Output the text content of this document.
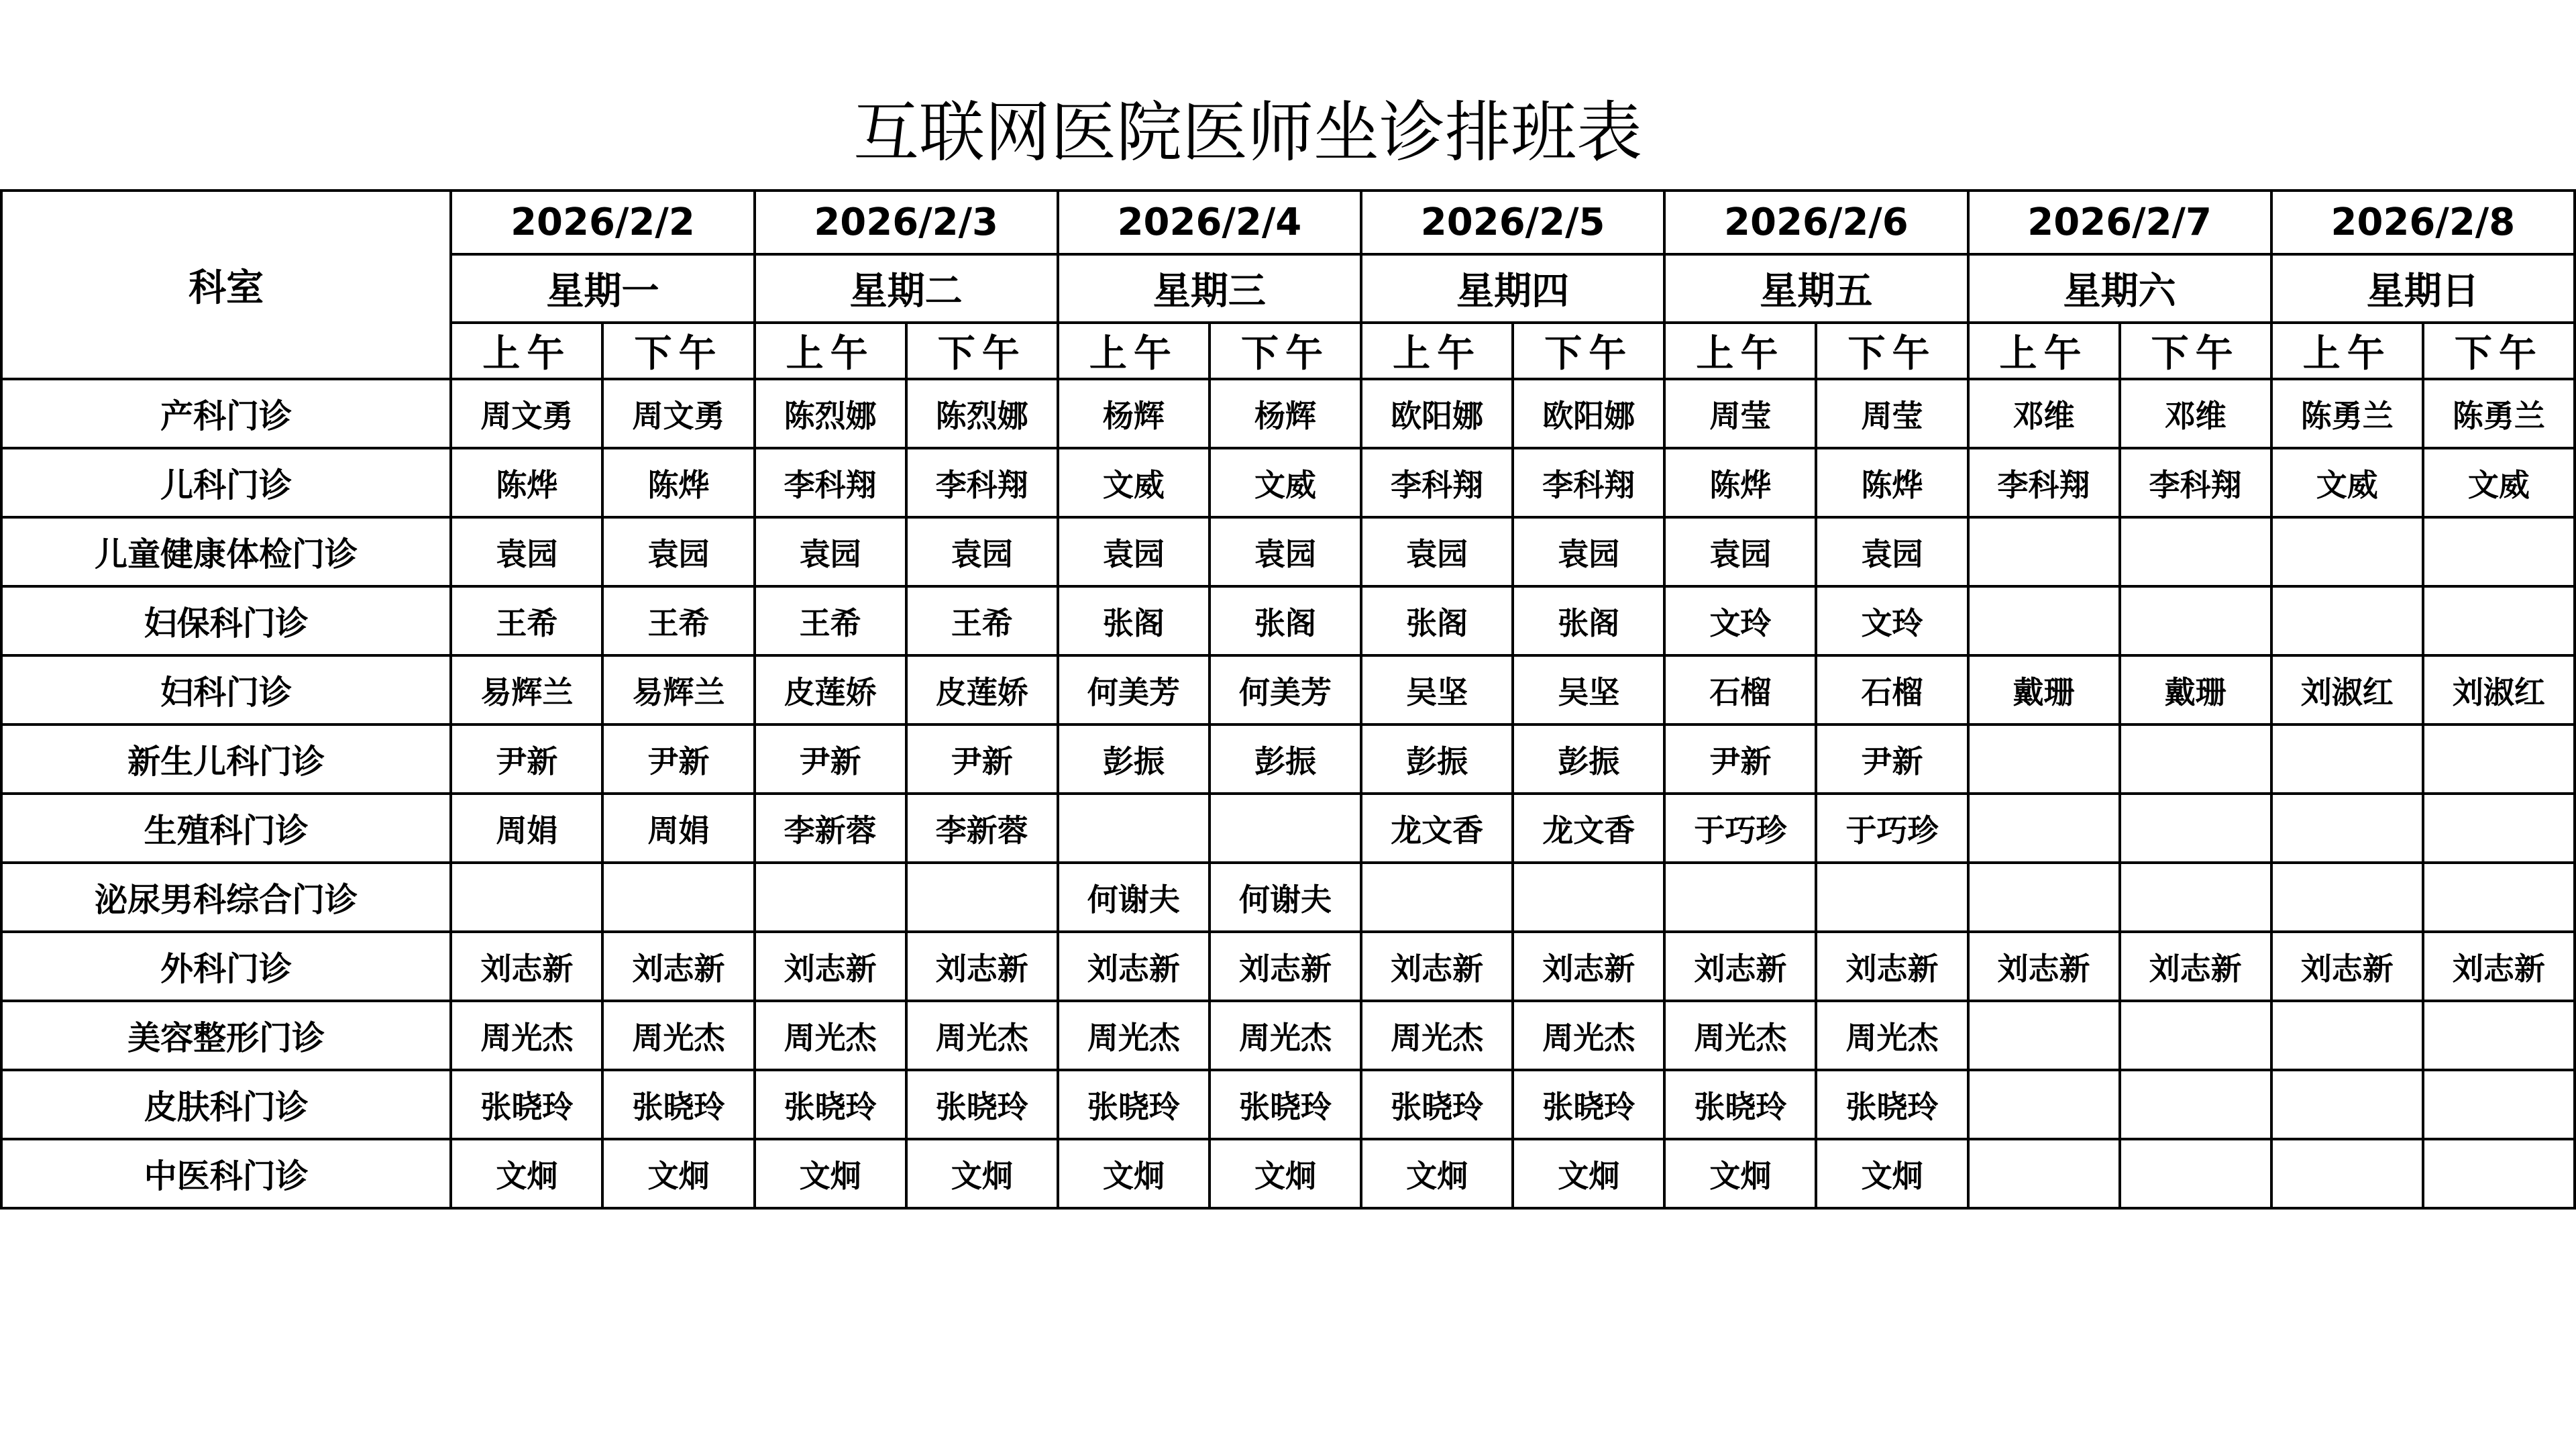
互联网医院医师坐诊排班表
科室	2026/2/2		2026/2/3		2026/2/4		2026/2/5		2026/2/6		2026/2/7		2026/2/8	
	星期一		星期二		星期三		星期四		星期五		星期六		星期日	
	上午	下午	上午	下午	上午	下午	上午	下午	上午	下午	上午	下午	上午	下午
产科门诊	周文勇	周文勇	陈烈娜	陈烈娜	杨辉	杨辉	欧阳娜	欧阳娜	周莹	周莹	邓维	邓维	陈勇兰	陈勇兰
儿科门诊	陈烨	陈烨	李科翔	李科翔	文威	文威	李科翔	李科翔	陈烨	陈烨	李科翔	李科翔	文威	文威
儿童健康体检门诊	袁园	袁园	袁园	袁园	袁园	袁园	袁园	袁园	袁园	袁园				
妇保科门诊	王希	王希	王希	王希	张阁	张阁	张阁	张阁	文玲	文玲				
妇科门诊	易辉兰	易辉兰	皮莲娇	皮莲娇	何美芳	何美芳	吴坚	吴坚	石榴	石榴	戴珊	戴珊	刘淑红	刘淑红
新生儿科门诊	尹新	尹新	尹新	尹新	彭振	彭振	彭振	彭振	尹新	尹新				
生殖科门诊	周娟	周娟	李新蓉	李新蓉			龙文香	龙文香	于巧珍	于巧珍				
泌尿男科综合门诊					何谢夫	何谢夫								
外科门诊	刘志新	刘志新	刘志新	刘志新	刘志新	刘志新	刘志新	刘志新	刘志新	刘志新	刘志新	刘志新	刘志新	刘志新
美容整形门诊	周光杰	周光杰	周光杰	周光杰	周光杰	周光杰	周光杰	周光杰	周光杰	周光杰				
皮肤科门诊	张晓玲	张晓玲	张晓玲	张晓玲	张晓玲	张晓玲	张晓玲	张晓玲	张晓玲	张晓玲				
中医科门诊	文炯	文炯	文炯	文炯	文炯	文炯	文炯	文炯	文炯	文炯				
